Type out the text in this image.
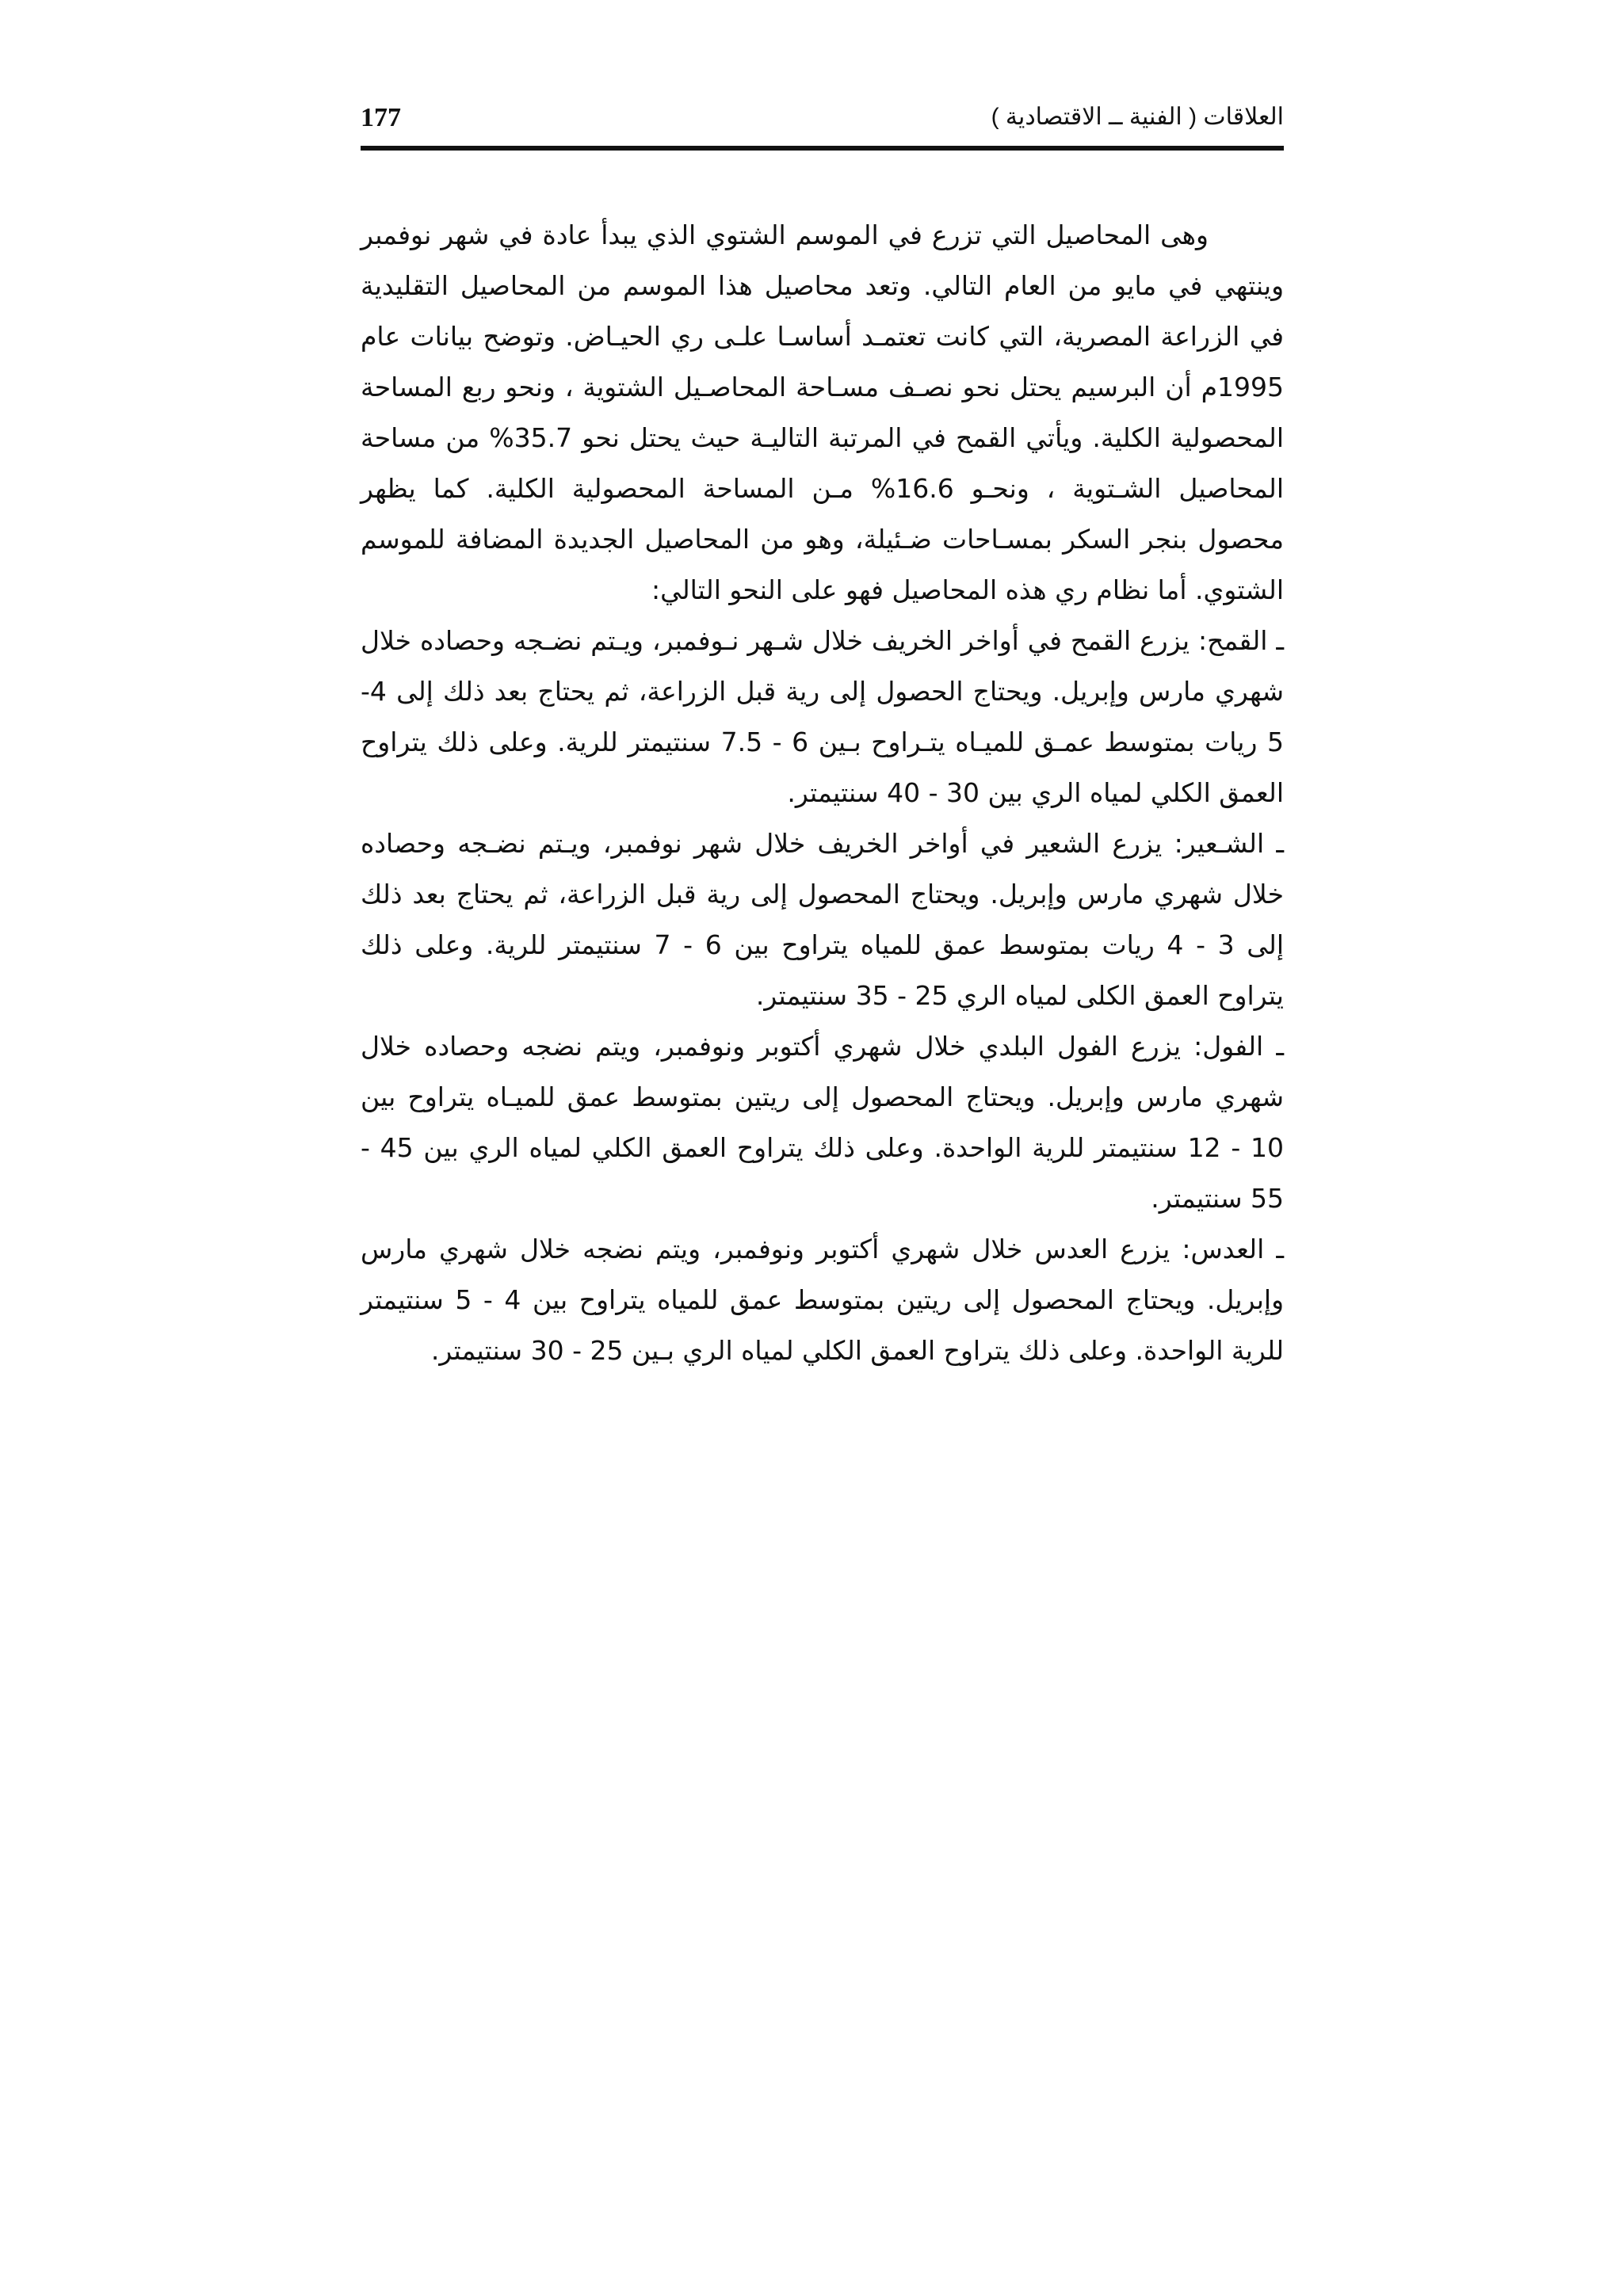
177	العلاقات ( الفنية ــ الاقتصادية )

وهى المحاصيل التي تزرع في الموسم الشتوي الذي يبدأ عادة في شهر نوفمبر وينتهي في مايو من العام التالي. وتعد محاصيل هذا الموسم من المحاصيل التقليدية في الزراعة المصرية، التي كانت تعتمـد أساسـا علـى ري الحيـاض. وتوضح بيانات عام 1995م أن البرسيم يحتل نحو نصـف مسـاحة المحاصـيل الشتوية ، ونحو ربع المساحة المحصولية الكلية. ويأتي القمح في المرتبة التاليـة حيث يحتل نحو 35.7% من مساحة المحاصيل الشـتوية ، ونحـو 16.6% مـن المساحة المحصولية الكلية. كما يظهر محصول بنجر السكر بمسـاحات ضـئيلة، وهو من المحاصيل الجديدة المضافة للموسم الشتوي. أما نظام ري هذه المحاصيل فهو على النحو التالي:

ـ القمح: يزرع القمح في أواخر الخريف خلال شـهر نـوفمبر، ويـتم نضـجه وحصاده خلال شهري مارس وإبريل. ويحتاج الحصول إلى رية قبل الزراعة، ثم يحتاج بعد ذلك إلى 4- 5 ريات بمتوسط عمـق للميـاه يتـراوح بـين 6 - 7.5 سنتيمتر للرية. وعلى ذلك يتراوح العمق الكلي لمياه الري بين 30 - 40 سنتيمتر.

ـ الشـعير: يزرع الشعير في أواخر الخريف خلال شهر نوفمبر، ويـتم نضـجه وحصاده خلال شهري مارس وإبريل. ويحتاج المحصول إلى رية قبل الزراعة، ثم يحتاج بعد ذلك إلى 3 - 4 ريات بمتوسط عمق للمياه يتراوح بين 6 - 7 سنتيمتر للرية. وعلى ذلك يتراوح العمق الكلى لمياه الري 25 - 35 سنتيمتر.

ـ الفول: يزرع الفول البلدي خلال شهري أكتوبر ونوفمبر، ويتم نضجه وحصاده خلال شهري مارس وإبريل. ويحتاج المحصول إلى ريتين بمتوسط عمق للميـاه يتراوح بين 10 - 12 سنتيمتر للرية الواحدة. وعلى ذلك يتراوح العمق الكلي لمياه الري بين 45 - 55 سنتيمتر.

ـ العدس: يزرع العدس خلال شهري أكتوبر ونوفمبر، ويتم نضجه خلال شهري مارس وإبريل. ويحتاج المحصول إلى ريتين بمتوسط عمق للمياه يتراوح بين 4 - 5 سنتيمتر للرية الواحدة. وعلى ذلك يتراوح العمق الكلي لمياه الري بـين 25 - 30 سنتيمتر.
